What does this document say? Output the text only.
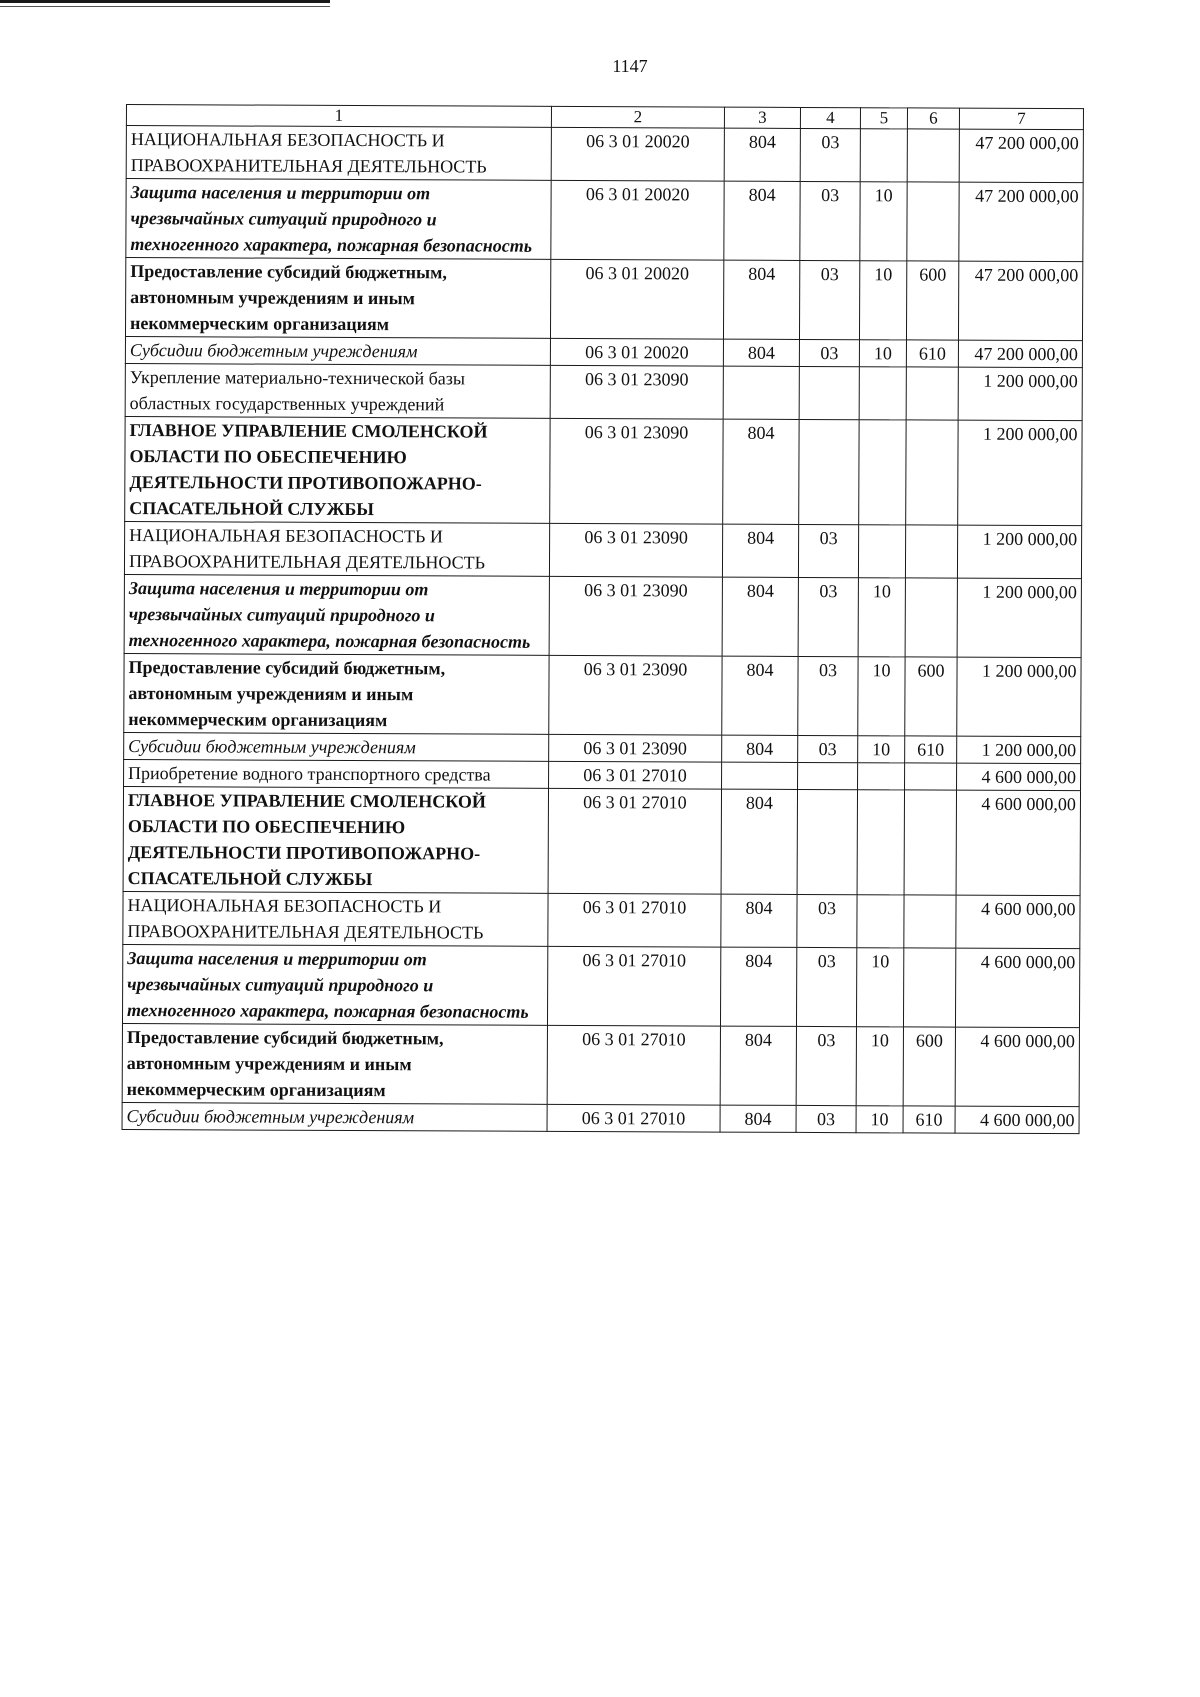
1147
1	2	3	4	5	6	7
НАЦИОНАЛЬНАЯ БЕЗОПАСНОСТЬ И ПРАВООХРАНИТЕЛЬНАЯ ДЕЯТЕЛЬНОСТЬ	06 3 01 20020	804	03			47 200 000,00
Защита населения и территории от чрезвычайных ситуаций природного и техногенного характера, пожарная безопасность	06 3 01 20020	804	03	10		47 200 000,00
Предоставление субсидий бюджетным, автономным учреждениям и иным некоммерческим организациям	06 3 01 20020	804	03	10	600	47 200 000,00
Субсидии бюджетным учреждениям	06 3 01 20020	804	03	10	610	47 200 000,00
Укрепление материально-технической базы областных государственных учреждений	06 3 01 23090					1 200 000,00
ГЛАВНОЕ УПРАВЛЕНИЕ СМОЛЕНСКОЙ ОБЛАСТИ ПО ОБЕСПЕЧЕНИЮ ДЕЯТЕЛЬНОСТИ ПРОТИВОПОЖАРНО-СПАСАТЕЛЬНОЙ СЛУЖБЫ	06 3 01 23090	804				1 200 000,00
НАЦИОНАЛЬНАЯ БЕЗОПАСНОСТЬ И ПРАВООХРАНИТЕЛЬНАЯ ДЕЯТЕЛЬНОСТЬ	06 3 01 23090	804	03			1 200 000,00
Защита населения и территории от чрезвычайных ситуаций природного и техногенного характера, пожарная безопасность	06 3 01 23090	804	03	10		1 200 000,00
Предоставление субсидий бюджетным, автономным учреждениям и иным некоммерческим организациям	06 3 01 23090	804	03	10	600	1 200 000,00
Субсидии бюджетным учреждениям	06 3 01 23090	804	03	10	610	1 200 000,00
Приобретение водного транспортного средства	06 3 01 27010					4 600 000,00
ГЛАВНОЕ УПРАВЛЕНИЕ СМОЛЕНСКОЙ ОБЛАСТИ ПО ОБЕСПЕЧЕНИЮ ДЕЯТЕЛЬНОСТИ ПРОТИВОПОЖАРНО-СПАСАТЕЛЬНОЙ СЛУЖБЫ	06 3 01 27010	804				4 600 000,00
НАЦИОНАЛЬНАЯ БЕЗОПАСНОСТЬ И ПРАВООХРАНИТЕЛЬНАЯ ДЕЯТЕЛЬНОСТЬ	06 3 01 27010	804	03			4 600 000,00
Защита населения и территории от чрезвычайных ситуаций природного и техногенного характера, пожарная безопасность	06 3 01 27010	804	03	10		4 600 000,00
Предоставление субсидий бюджетным, автономным учреждениям и иным некоммерческим организациям	06 3 01 27010	804	03	10	600	4 600 000,00
Субсидии бюджетным учреждениям	06 3 01 27010	804	03	10	610	4 600 000,00
